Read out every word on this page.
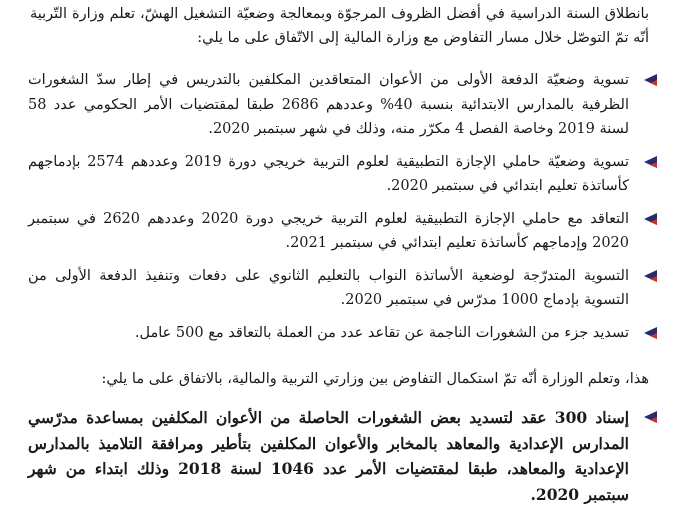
بانطلاق السنة الدراسية في أفضل الظروف المرجوّة وبمعالجة وضعيّة التشغيل الهشّ، تعلم وزارة التّربية أنّه تمّ التوصّل خلال مسار التفاوض مع وزارة المالية إلى الاتّفاق على ما يلي:

تسوية وضعيّة الدفعة الأولى من الأعوان المتعاقدين المكلفين بالتدريس في إطار سدّ الشغورات الظرفية بالمدارس الابتدائية بنسبة 40% وعددهم 2686 طبقا لمقتضيات الأمر الحكومي عدد 58 لسنة 2019 وخاصة الفصل 4 مكرّر منه، وذلك في شهر سبتمبر 2020.
تسوية وضعيّة حاملي الإجازة التطبيقية لعلوم التربية خريجي دورة 2019 وعددهم 2574 بإدماجهم كأساتذة تعليم ابتدائي في سبتمبر 2020.
التعاقد مع حاملي الإجازة التطبيقية لعلوم التربية خريجي دورة 2020 وعددهم 2620 في سبتمبر 2020 وإدماجهم كأساتذة تعليم ابتدائي في سبتمبر 2021.
التسوية المتدرّجة لوضعية الأساتذة النواب بالتعليم الثانوي على دفعات وتنفيذ الدفعة الأولى من التسوية بإدماج 1000 مدرّس في سبتمبر 2020.
تسديد جزء من الشغورات الناجمة عن تقاعد عدد من العملة بالتعاقد مع 500 عامل.

هذا، وتعلم الوزارة أنّه تمّ استكمال التفاوض بين وزارتي التربية والمالية، بالاتفاق على ما يلي:

إسناد 300 عقد لتسديد بعض الشغورات الحاصلة من الأعوان المكلفين بمساعدة مدرّسي المدارس الإعدادية والمعاهد بالمخابر والأعوان المكلفين بتأطير ومرافقة التلاميذ بالمدارس الإعدادية والمعاهد، طبقا لمقتضيات الأمر عدد 1046 لسنة 2018 وذلك ابتداء من شهر سبتمبر 2020.
